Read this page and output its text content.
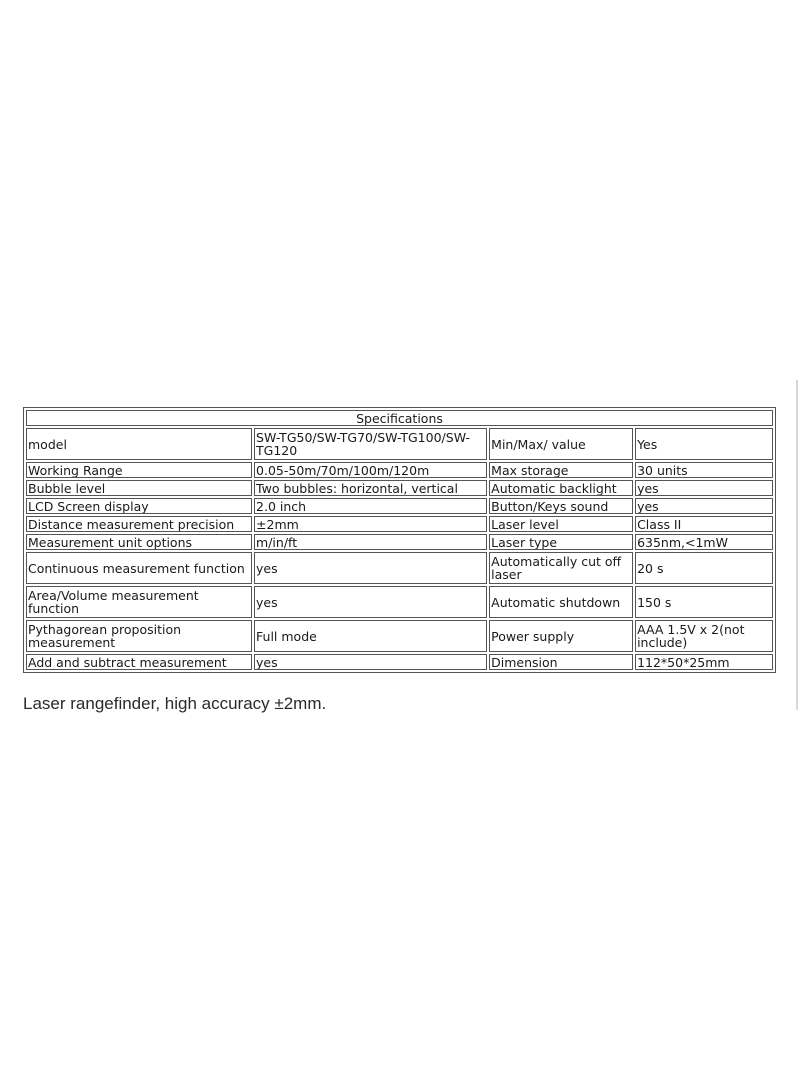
Specifications			
model	SW-TG50/SW-TG70/SW-TG100/SW-TG120	Min/Max/ value	Yes
Working Range	0.05-50m/70m/100m/120m	Max storage	30 units
Bubble level	Two bubbles: horizontal, vertical	Automatic backlight	yes
LCD Screen display	2.0 inch	Button/Keys sound	yes
Distance measurement precision	±2mm	Laser level	Class II
Measurement unit options	m/in/ft	Laser type	635nm,<1mW
Continuous measurement function	yes	Automatically cut off laser	20 s
Area/Volume measurement function	yes	Automatic shutdown	150 s
Pythagorean proposition measurement	Full mode	Power supply	AAA 1.5V x 2(not include)
Add and subtract measurement	yes	Dimension	112*50*25mm

Laser rangefinder, high accuracy ±2mm.
